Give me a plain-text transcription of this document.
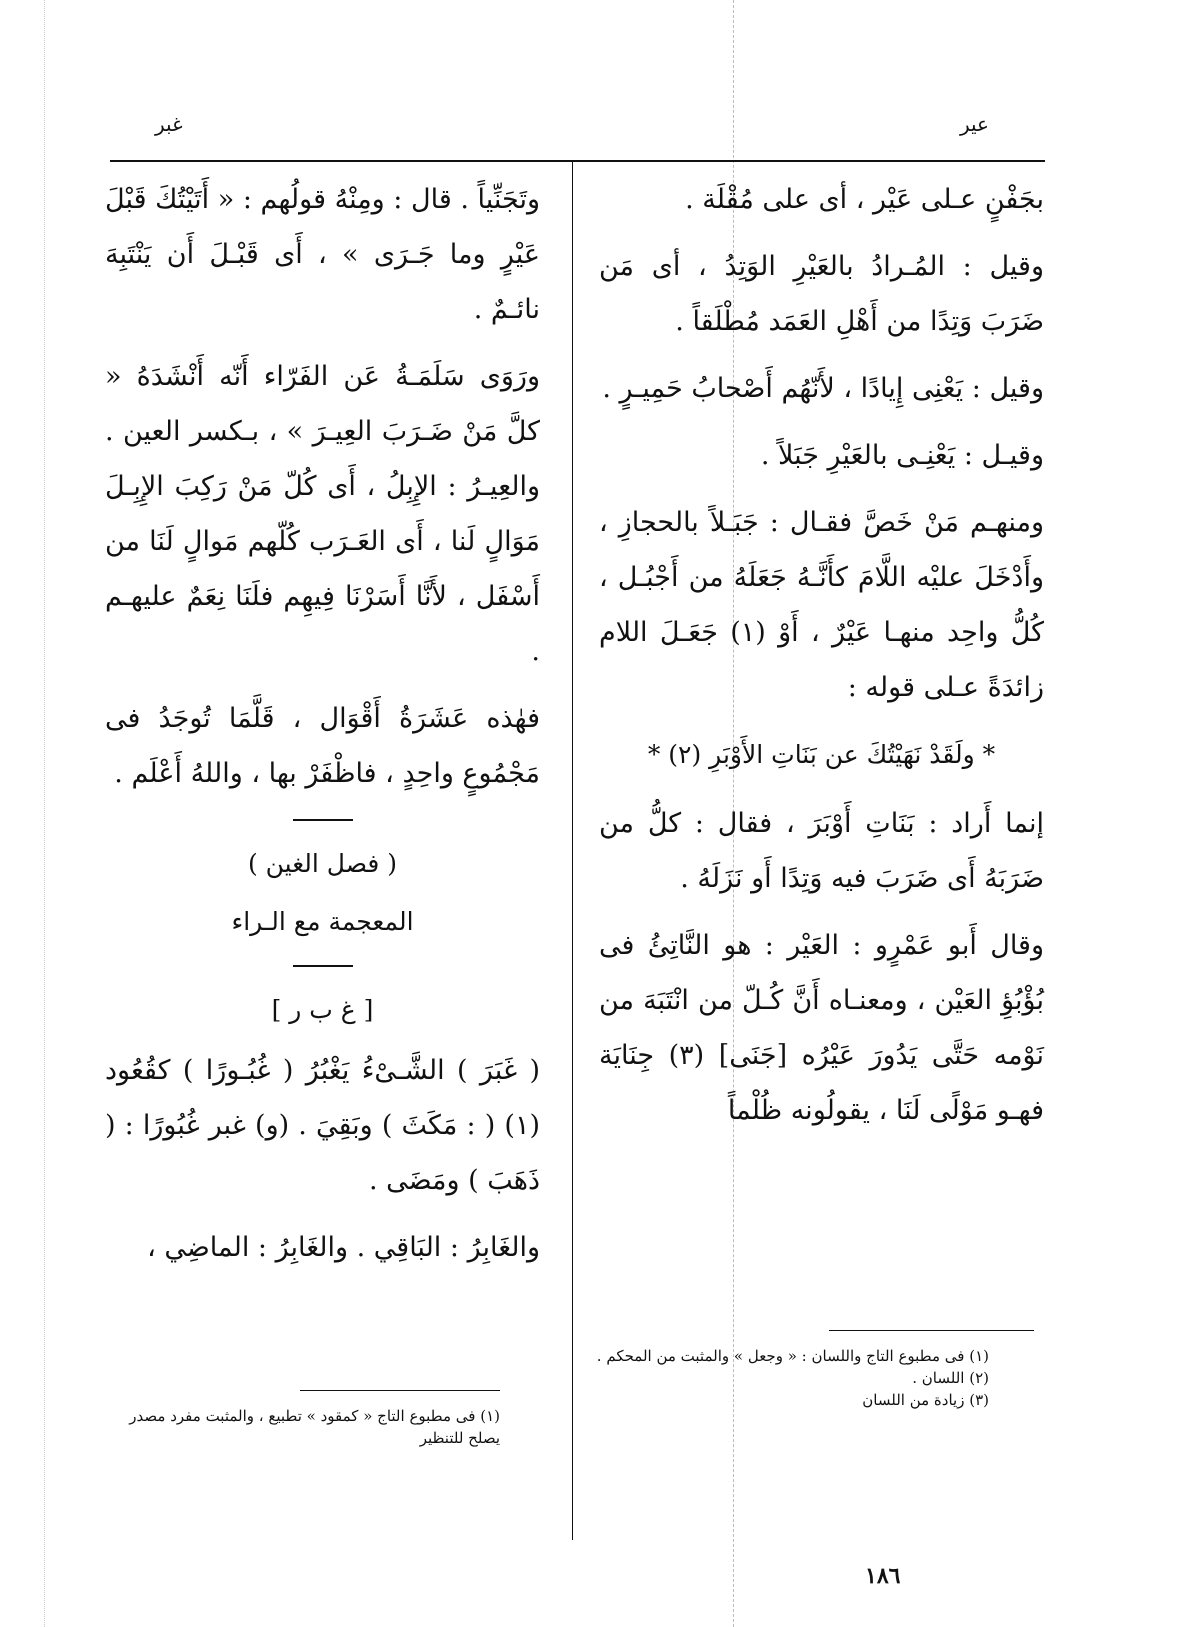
عير
غبر

بجَفْنٍ عـلى عَيْر ، أى على مُقْلَة .

وقيل : المُـرادُ بالعَيْرِ الوَتِدُ ، أى مَن ضَرَبَ وَتِدًا من أَهْلِ العَمَد مُطْلَقاً .

وقيل : يَعْنِى إِيادًا ، لأَنّهُم أَصْحابُ حَمِيـرٍ .

وقيـل : يَعْنِـى بالعَيْرِ جَبَلاً .

ومنهـم مَنْ خَصَّ فقـال : جَبَـلاً بالحجازِ ، وأَدْخَلَ عليْه اللَّامَ كأَنَّـهُ جَعَلَهُ من أَجْبُـل ، كُلُّ واحِد منهـا عَيْرٌ ، أَوْ (١) جَعَـلَ اللام زائدَةً عـلى قوله :

* ولَقَدْ نَهَيْتُكَ عن بَنَاتِ الأَوْبَرِ (٢) *

إنما أَراد : بَنَاتِ أَوْبَرَ ، فقال : كلُّ من ضَرَبَهُ أَى ضَرَبَ فيه وَتِدًا أَو نَزَلَهُ .

وقال أَبو عَمْرٍو : العَيْر : هو النَّاتِئُ فى بُؤْبُؤِ العَيْن ، ومعنـاه أَنَّ كُـلّ من انْتَبَهَ من نَوْمه حَتَّى يَدُورَ عَيْرُه [جَنَى] (٣) جِنَايَة فهـو مَوْلًى لَنَا ، يقولُونه ظُلْماً

وتَجَنِّياً . قال : ومِنْهُ قولُهم : « أَتَيْتُكَ قَبْلَ عَيْرٍ وما جَـرَى » ، أَى قَبْـلَ أَن يَنْتَبِهَ نائـمٌ .

ورَوَى سَلَمَـةُ عَن الفَرّاء أَنّه أَنْشَدَهُ « كلَّ مَنْ ضَـرَبَ العِيـرَ » ، بـكسر العين . والعِيـرُ : الإِبِلُ ، أَى كُلّ مَنْ رَكِبَ الإِبِـلَ مَوَالٍ لَنا ، أَى العَـرَب كُلّهم مَوالٍ لَنَا من أَسْفَل ، لأَنَّا أَسَرْنَا فِيهِم فلَنَا نِعَمٌ عليهـم .

فهٰذه عَشَرَةُ أَقْوَال ، قَلَّمَا تُوجَدُ فى مَجْمُوعٍ واحِدٍ ، فاظْفَرْ بها ، واللهُ أَعْلَم .

( فصل الغين )

المعجمة مع الـراء

[ غ ب ر ]

( غَبَرَ ) الشَّـىْءُ يَغْبُرُ ( غُبُـورًا ) كقُعُود (١) ( : مَكَثَ ) وبَقِيَ . (و) غبر غُبُورًا : ( ذَهَبَ ) ومَضَى .

والغَابِرُ : البَاقِي . والغَابِرُ : الماضِي ،

(١) فى مطبوع التاج واللسان : « وجعل » والمثبت من المحكم .

(٢) اللسان .

(٣) زيادة من اللسان

(١) فى مطبوع التاج « كمقود » تطبيع ، والمثبت مفرد مصدر يصلح للتنظير

١٨٦
